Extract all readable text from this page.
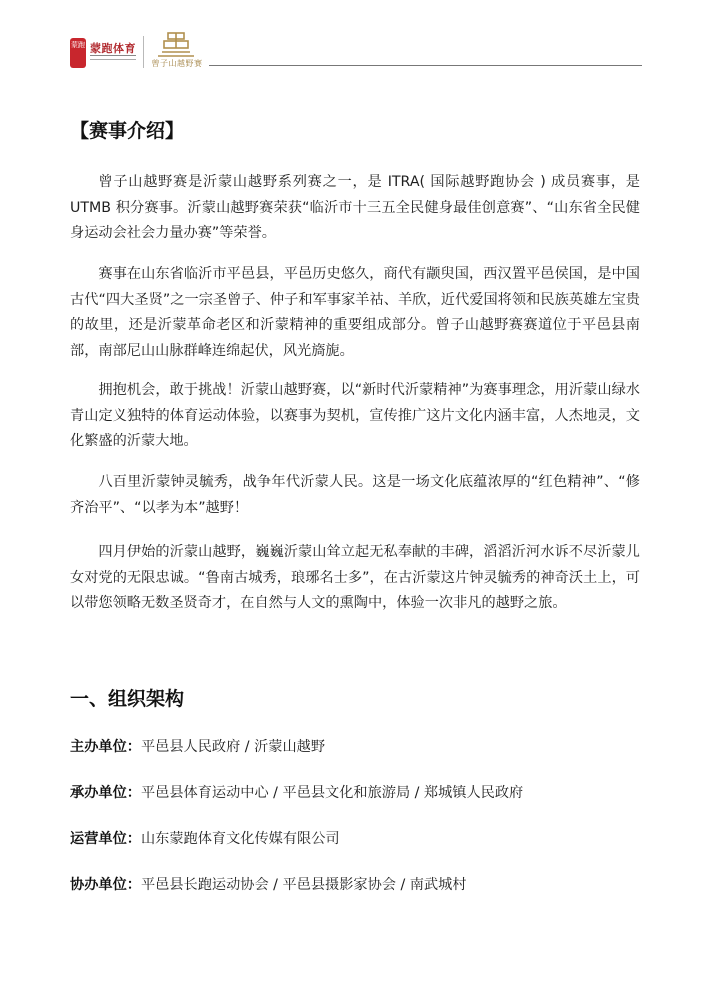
蒙跑 蒙跑体育
曾子山越野赛
【赛事介绍】

曾子山越野赛是沂蒙山越野系列赛之一，是 ITRA( 国际越野跑协会 ) 成员赛事，是 UTMB 积分赛事。沂蒙山越野赛荣获“临沂市十三五全民健身最佳创意赛”、“山东省全民健身运动会社会力量办赛”等荣誉。

赛事在山东省临沂市平邑县，平邑历史悠久，商代有颛臾国，西汉置平邑侯国，是中国古代“四大圣贤”之一宗圣曾子、仲子和军事家羊祜、羊欣，近代爱国将领和民族英雄左宝贵的故里，还是沂蒙革命老区和沂蒙精神的重要组成部分。曾子山越野赛赛道位于平邑县南部，南部尼山山脉群峰连绵起伏，风光旖旎。

拥抱机会，敢于挑战！沂蒙山越野赛，以“新时代沂蒙精神”为赛事理念，用沂蒙山绿水青山定义独特的体育运动体验，以赛事为契机，宣传推广这片文化内涵丰富，人杰地灵，文化繁盛的沂蒙大地。

八百里沂蒙钟灵毓秀，战争年代沂蒙人民。这是一场文化底蕴浓厚的“红色精神”、“修齐治平”、“以孝为本”越野！

四月伊始的沂蒙山越野，巍巍沂蒙山耸立起无私奉献的丰碑，滔滔沂河水诉不尽沂蒙儿女对党的无限忠诚。“鲁南古城秀，琅琊名士多”，在古沂蒙这片钟灵毓秀的神奇沃土上，可以带您领略无数圣贤奇才，在自然与人文的熏陶中，体验一次非凡的越野之旅。

一、组织架构
主办单位：平邑县人民政府 / 沂蒙山越野
承办单位：平邑县体育运动中心 / 平邑县文化和旅游局 / 郑城镇人民政府
运营单位：山东蒙跑体育文化传媒有限公司
协办单位：平邑县长跑运动协会 / 平邑县摄影家协会 / 南武城村
